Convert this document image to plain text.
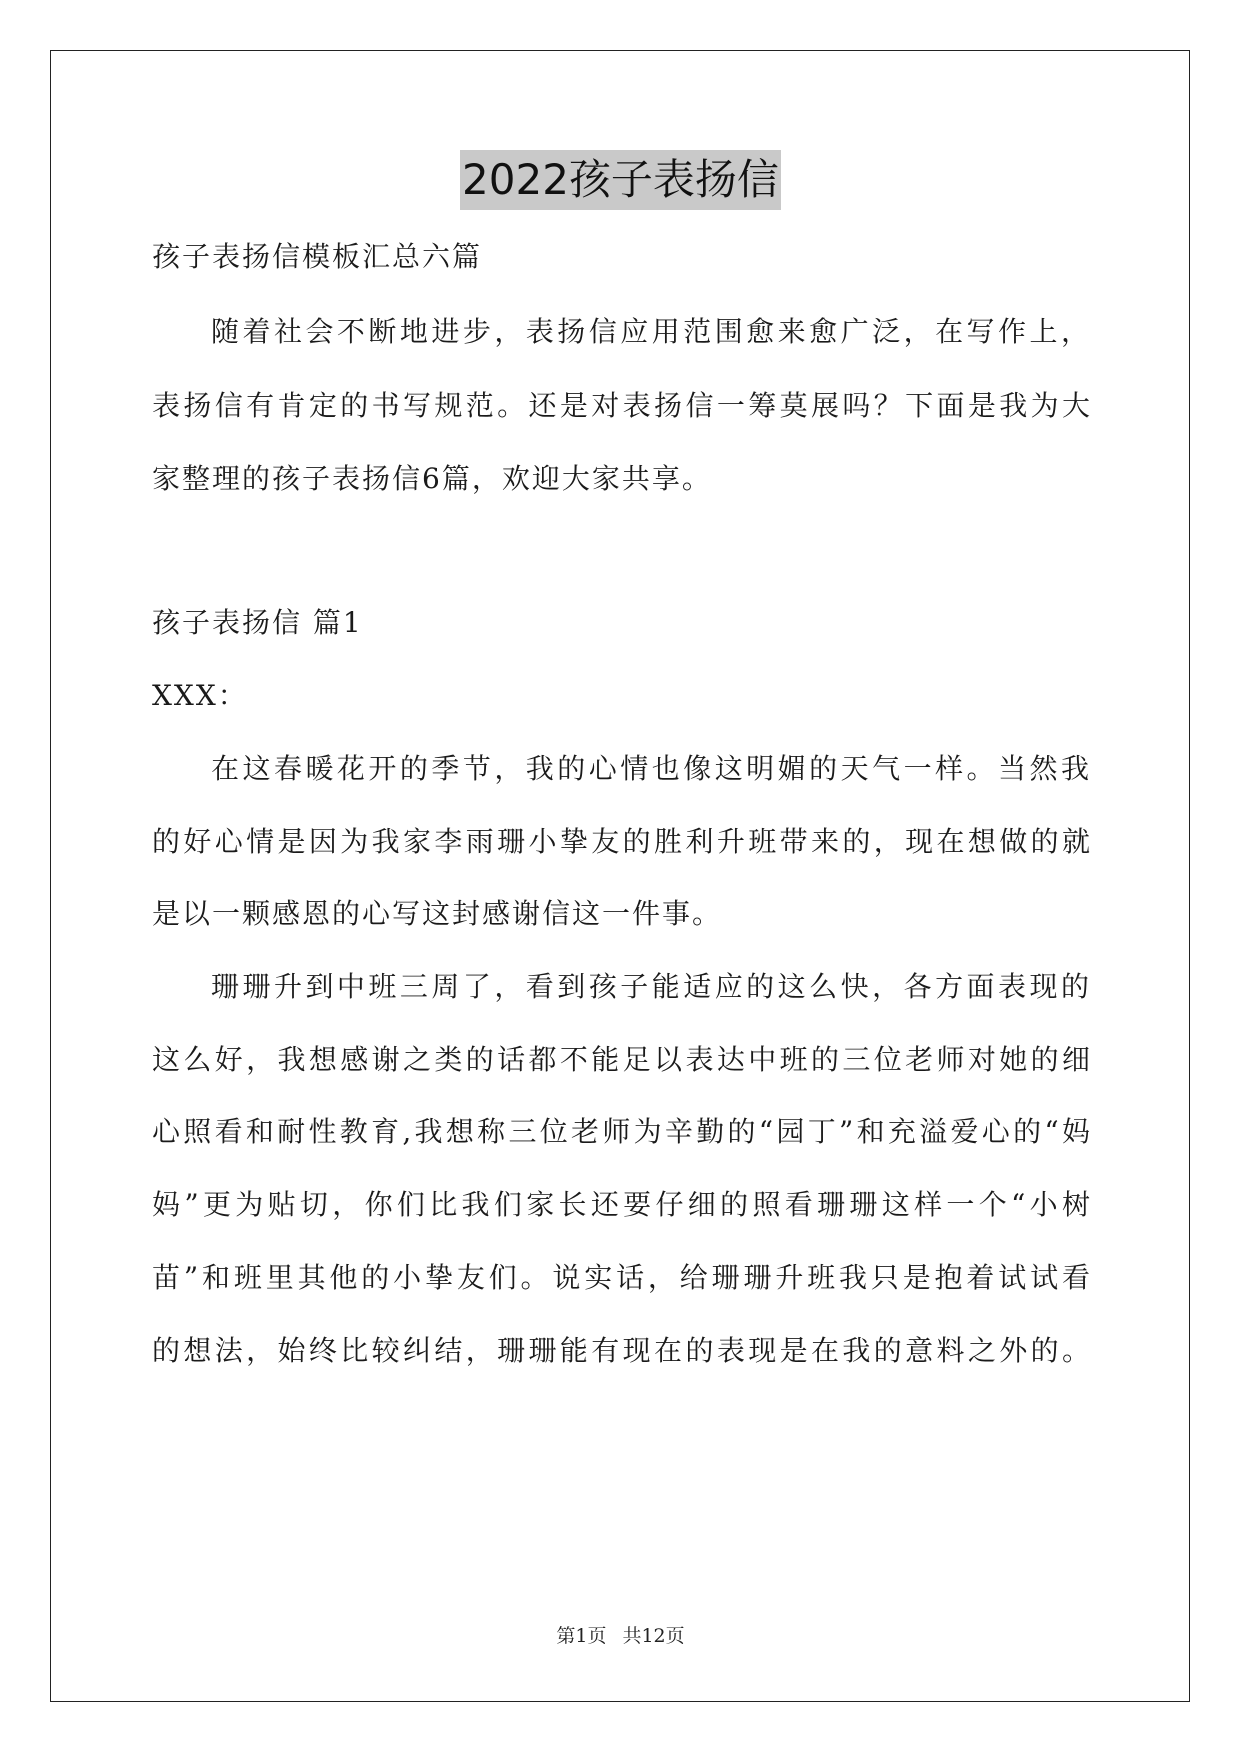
2022孩子表扬信
孩子表扬信模板汇总六篇
随着社会不断地进步，表扬信应用范围愈来愈广泛，在写作上，
表扬信有肯定的书写规范。还是对表扬信一筹莫展吗？下面是我为大
家整理的孩子表扬信6篇，欢迎大家共享。
孩子表扬信 篇1
XXX：
在这春暖花开的季节，我的心情也像这明媚的天气一样。当然我
的好心情是因为我家李雨珊小挚友的胜利升班带来的，现在想做的就
是以一颗感恩的心写这封感谢信这一件事。
珊珊升到中班三周了，看到孩子能适应的这么快，各方面表现的
这么好，我想感谢之类的话都不能足以表达中班的三位老师对她的细
心照看和耐性教育,我想称三位老师为辛勤的“园丁”和充溢爱心的“妈
妈”更为贴切，你们比我们家长还要仔细的照看珊珊这样一个“小树
苗”和班里其他的小挚友们。说实话，给珊珊升班我只是抱着试试看
的想法，始终比较纠结，珊珊能有现在的表现是在我的意料之外的。
第1页 共12页
